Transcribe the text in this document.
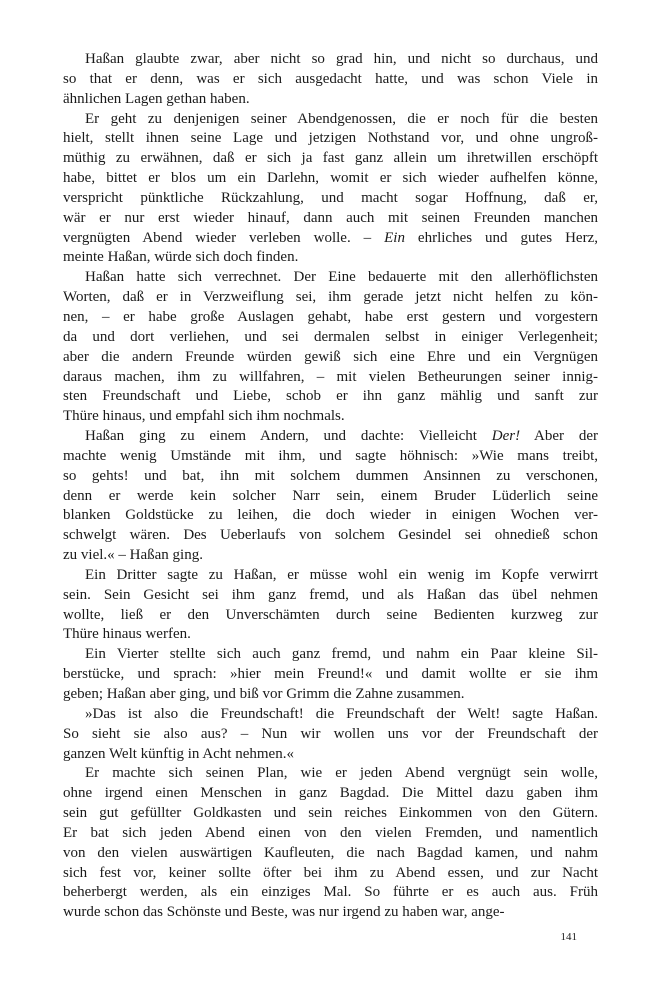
Haßan glaubte zwar, aber nicht so grad hin, und nicht so durchaus, und
so that er denn, was er sich ausgedacht hatte, und was schon Viele in
ähnlichen Lagen gethan haben.

Er geht zu denjenigen seiner Abendgenossen, die er noch für die besten
hielt, stellt ihnen seine Lage und jetzigen Nothstand vor, und ohne ungroß-
müthig zu erwähnen, daß er sich ja fast ganz allein um ihretwillen erschöpft
habe, bittet er blos um ein Darlehn, womit er sich wieder aufhelfen könne,
verspricht pünktliche Rückzahlung, und macht sogar Hoffnung, daß er,
wär er nur erst wieder hinauf, dann auch mit seinen Freunden manchen
vergnügten Abend wieder verleben wolle. – Ein ehrliches und gutes Herz,
meinte Haßan, würde sich doch finden.

Haßan hatte sich verrechnet. Der Eine bedauerte mit den allerhöflichsten
Worten, daß er in Verzweiflung sei, ihm gerade jetzt nicht helfen zu kön-
nen, – er habe große Auslagen gehabt, habe erst gestern und vorgestern
da und dort verliehen, und sei dermalen selbst in einiger Verlegenheit;
aber die andern Freunde würden gewiß sich eine Ehre und ein Vergnügen
daraus machen, ihm zu willfahren, – mit vielen Betheurungen seiner innig-
sten Freundschaft und Liebe, schob er ihn ganz mählig und sanft zur
Thüre hinaus, und empfahl sich ihm nochmals.

Haßan ging zu einem Andern, und dachte: Vielleicht Der! Aber der
machte wenig Umstände mit ihm, und sagte höhnisch: »Wie mans treibt,
so gehts! und bat, ihn mit solchem dummen Ansinnen zu verschonen,
denn er werde kein solcher Narr sein, einem Bruder Lüderlich seine
blanken Goldstücke zu leihen, die doch wieder in einigen Wochen ver-
schwelgt wären. Des Ueberlaufs von solchem Gesindel sei ohnedieß schon
zu viel.« – Haßan ging.

Ein Dritter sagte zu Haßan, er müsse wohl ein wenig im Kopfe verwirrt
sein. Sein Gesicht sei ihm ganz fremd, und als Haßan das übel nehmen
wollte, ließ er den Unverschämten durch seine Bedienten kurzweg zur
Thüre hinaus werfen.

Ein Vierter stellte sich auch ganz fremd, und nahm ein Paar kleine Sil-
berstücke, und sprach: »hier mein Freund!« und damit wollte er sie ihm
geben; Haßan aber ging, und biß vor Grimm die Zahne zusammen.

»Das ist also die Freundschaft! die Freundschaft der Welt! sagte Haßan.
So sieht sie also aus? – Nun wir wollen uns vor der Freundschaft der
ganzen Welt künftig in Acht nehmen.«

Er machte sich seinen Plan, wie er jeden Abend vergnügt sein wolle,
ohne irgend einen Menschen in ganz Bagdad. Die Mittel dazu gaben ihm
sein gut gefüllter Goldkasten und sein reiches Einkommen von den Gütern.
Er bat sich jeden Abend einen von den vielen Fremden, und namentlich
von den vielen auswärtigen Kaufleuten, die nach Bagdad kamen, und nahm
sich fest vor, keiner sollte öfter bei ihm zu Abend essen, und zur Nacht
beherbergt werden, als ein einziges Mal. So führte er es auch aus. Früh
wurde schon das Schönste und Beste, was nur irgend zu haben war, ange-

141
